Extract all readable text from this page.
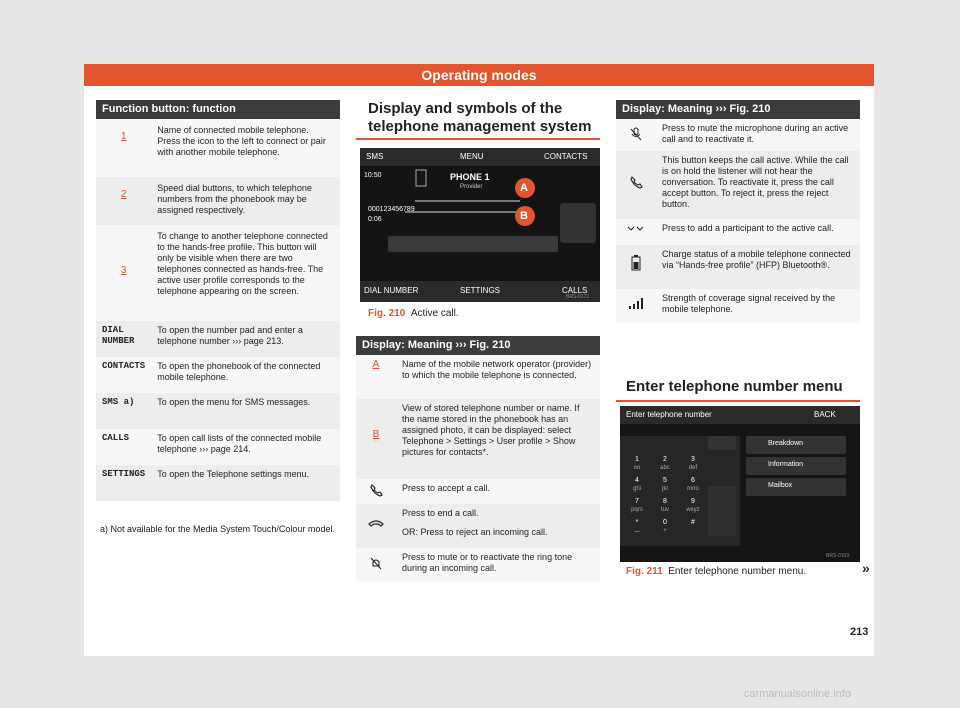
Operating modes
Function button: function	
1	Name of connected mobile telephone. Press the icon to the left to connect or pair with another mobile telephone.
2	Speed dial buttons, to which telephone numbers from the phonebook may be assigned respectively.
3	To change to another telephone connected to the hands-free profile. This button will only be visible when there are two telephones connected as hands-free. The active user profile corresponds to the telephone appearing on the screen.
DIAL NUMBER	To open the number pad and enter a telephone number ››› page 213.
CONTACTS	To open the phonebook of the connected mobile telephone.
SMS a)	To open the menu for SMS messages.
CALLS	To open call lists of the connected mobile telephone ››› page 214.
SETTINGS	To open the Telephone settings menu.
a) Not available for the Media System Touch/Colour model.
Display and symbols of the telephone management system
SMS	MENU	CONTACTS
10:50	PHONE 1
Provider
000123456789
0:06
A
B
DIAL NUMBER	SETTINGS	CALLS
BRS-0172
Fig. 210 Active call.
Display: Meaning ››› Fig. 210	
A	Name of the mobile network operator (provider) to which the mobile telephone is connected.
B	View of stored telephone number or name. If the name stored in the phonebook has an assigned photo, it can be displayed: select Telephone > Settings > User profile > Show pictures for contacts*.
	Press to accept a call.

Press to end a call.
OR: Press to reject an incoming call.

	Press to mute or to reactivate the ring tone during an incoming call.
Display: Meaning ››› Fig. 210	
	Press to mute the microphone during an active call and to reactivate it.
	This button keeps the call active. While the call is on hold the listener will not hear the conversation. To reactivate it, press the call accept button. To reject it, press the reject button.
	Press to add a participant to the active call.
	Charge status of a mobile telephone connected via “Hands-free profile” (HFP) Bluetooth®.
	Strength of coverage signal received by the mobile telephone.
Enter telephone number menu
Enter telephone number	BACK
1
oo
2
abc
3
def
4
ghi
5
jkl
6
mno
7
pqrs
8
tuv
9
wxyz
*
⌴
0
+
#
Breakdown
Information
Mailbox
BRS-0163
Fig. 211 Enter telephone number menu.	»
213
carmanualsonline.info
